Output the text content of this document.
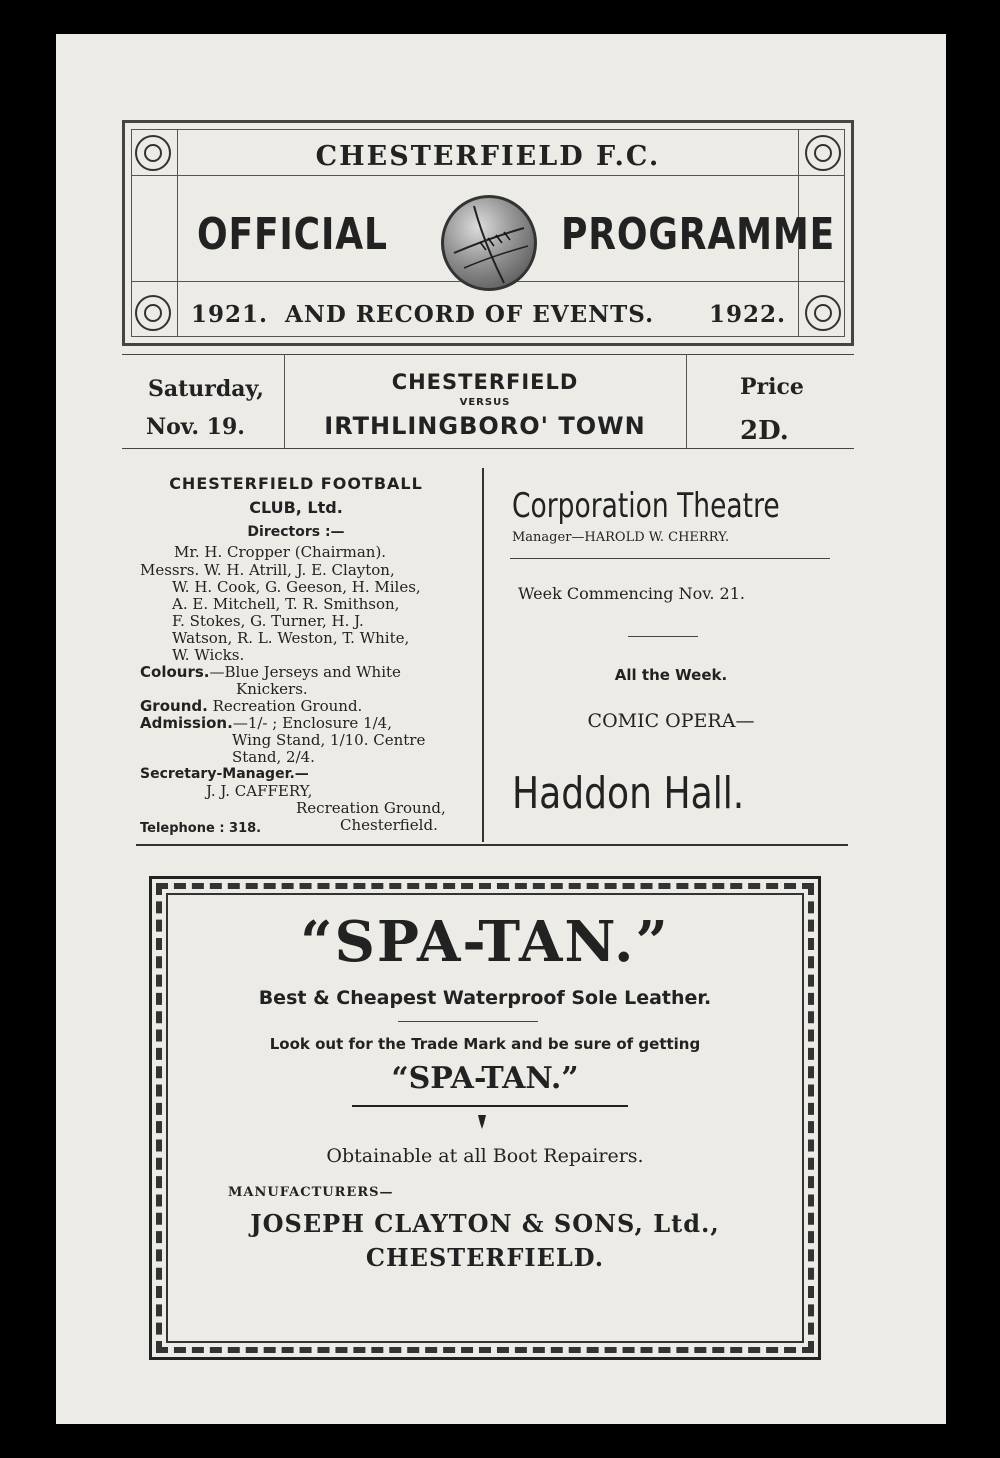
CHESTERFIELD F.C.
OFFICIAL	PROGRAMME
1921. AND RECORD OF EVENTS. 1922.
Saturday,
Nov. 19.
CHESTERFIELD
VERSUS
IRTHLINGBORO' TOWN
Price
2D.
CHESTERFIELD FOOTBALL
CLUB, Ltd.
Directors :—
Mr. H. Cropper (Chairman).
Messrs. W. H. Atrill, J. E. Clayton,
W. H. Cook, G. Geeson, H. Miles,
A. E. Mitchell, T. R. Smithson,
F. Stokes, G. Turner, H. J.
Watson, R. L. Weston, T. White,
W. Wicks.
Colours.—Blue Jerseys and White
Knickers.
Ground. Recreation Ground.
Admission.—1/- ; Enclosure 1/4,
Wing Stand, 1/10. Centre
Stand, 2/4.
Secretary-Manager.—
J. J. CAFFERY,
Recreation Ground,
Chesterfield.
Telephone : 318.
Corporation Theatre
Manager—HAROLD W. CHERRY.
Week Commencing Nov. 21.
All the Week.
COMIC OPERA—
Haddon Hall.
“SPA-TAN.”
Best & Cheapest Waterproof Sole Leather.
Look out for the Trade Mark and be sure of getting
“SPA-TAN.”
Obtainable at all Boot Repairers.
MANUFACTURERS—
JOSEPH CLAYTON & SONS, Ltd.,
CHESTERFIELD.
